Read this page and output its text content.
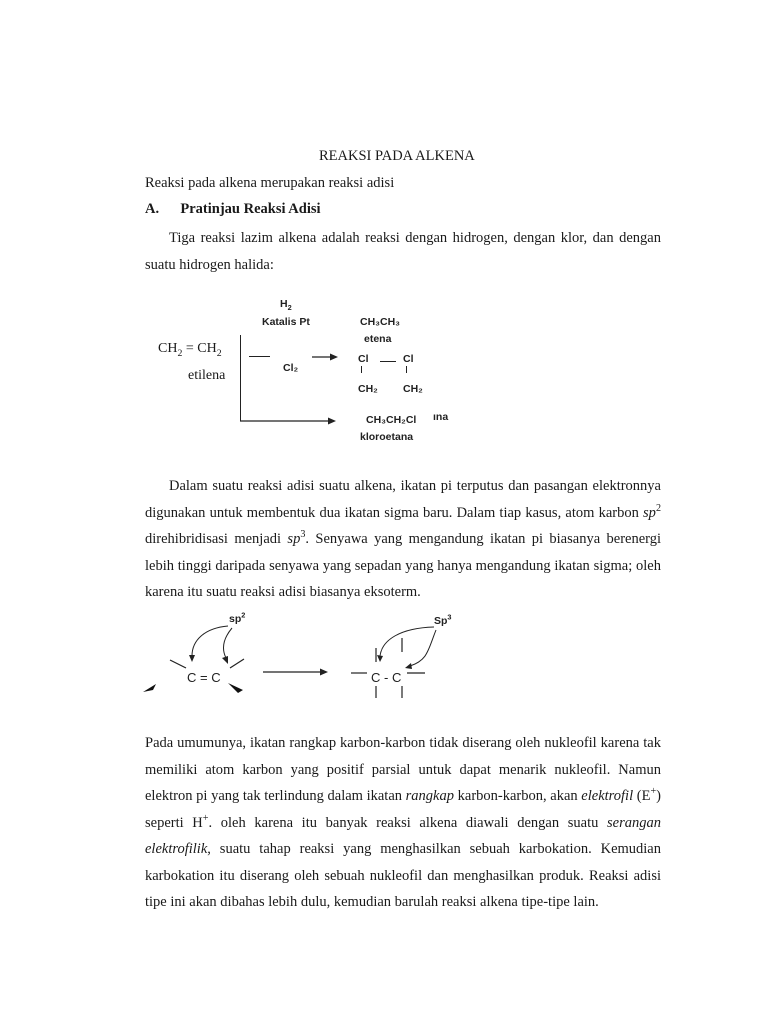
REAKSI PADA ALKENA
Reaksi pada alkena merupakan reaksi adisi
A. Pratinjau Reaksi Adisi

Tiga reaksi lazim alkena adalah reaksi dengan hidrogen, dengan klor, dan dengan suatu hidrogen halida:

$CH_2 = CH_2$
etilena
$H_2$
Katalis Pt
Cl₂
CH₃CH₃
etena
Cl	Cl
CH₂ CH₂
CH₃CH₂Cl ına
kloroetana

Dalam suatu reaksi adisi suatu alkena, ikatan pi terputus dan pasangan elektronnya digunakan untuk membentuk dua ikatan sigma baru. Dalam tiap kasus, atom karbon $sp^2$ direhibridisasi menjadi $sp^3$. Senyawa yang mengandung ikatan pi biasanya berenergi lebih tinggi daripada senyawa yang sepadan yang hanya mengandung ikatan sigma; oleh karena itu suatu reaksi adisi biasanya eksoterm.

$sp^2$	Sp$^3$
C = C	C - C

Pada umumunya, ikatan rangkap karbon-karbon tidak diserang oleh nukleofil karena tak memiliki atom karbon yang positif parsial untuk dapat menarik nukleofil. Namun elektron pi yang tak terlindung dalam ikatan rangkap karbon-karbon, akan elektrofil (E+) seperti H+. oleh karena itu banyak reaksi alkena diawali dengan suatu serangan elektrofilik, suatu tahap reaksi yang menghasilkan sebuah karbokation. Kemudian karbokation itu diserang oleh sebuah nukleofil dan menghasilkan produk. Reaksi adisi tipe ini akan dibahas lebih dulu, kemudian barulah reaksi alkena tipe-tipe lain.
